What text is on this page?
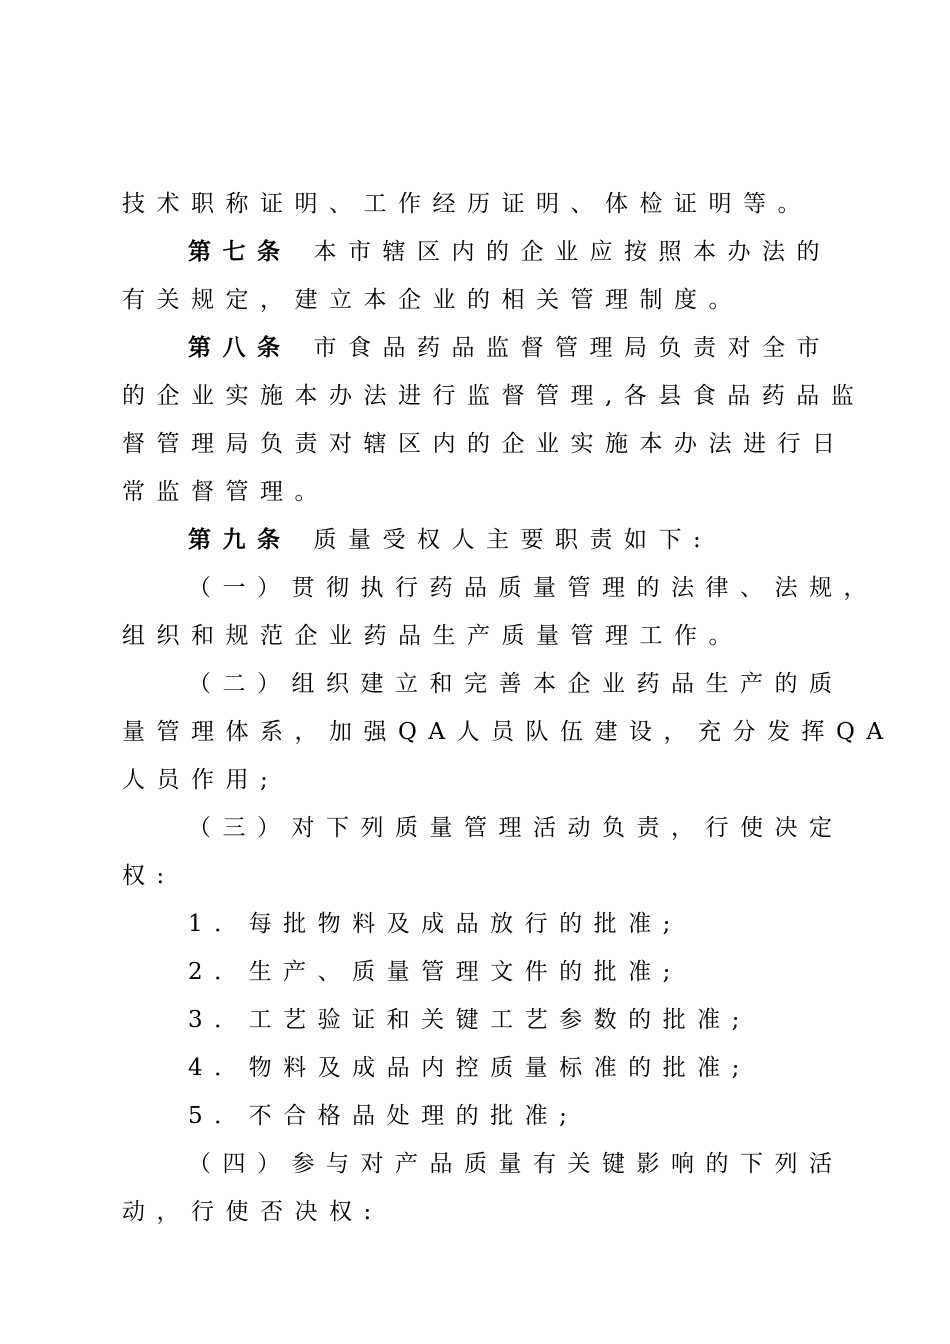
技术职称证明、工作经历证明、体检证明等。
第七条 本市辖区内的企业应按照本办法的
有关规定，建立本企业的相关管理制度。
第八条 市食品药品监督管理局负责对全市
的企业实施本办法进行监督管理,各县食品药品监
督管理局负责对辖区内的企业实施本办法进行日
常监督管理。
第九条 质量受权人主要职责如下:
（一）贯彻执行药品质量管理的法律、法规，
组织和规范企业药品生产质量管理工作。
（二）组织建立和完善本企业药品生产的质
量管理体系，加强QA人员队伍建设，充分发挥QA
人员作用;
（三）对下列质量管理活动负责，行使决定
权:
1．每批物料及成品放行的批准;
2．生产、质量管理文件的批准;
3．工艺验证和关键工艺参数的批准;
4．物料及成品内控质量标准的批准;
5．不合格品处理的批准;
（四）参与对产品质量有关键影响的下列活
动，行使否决权:
